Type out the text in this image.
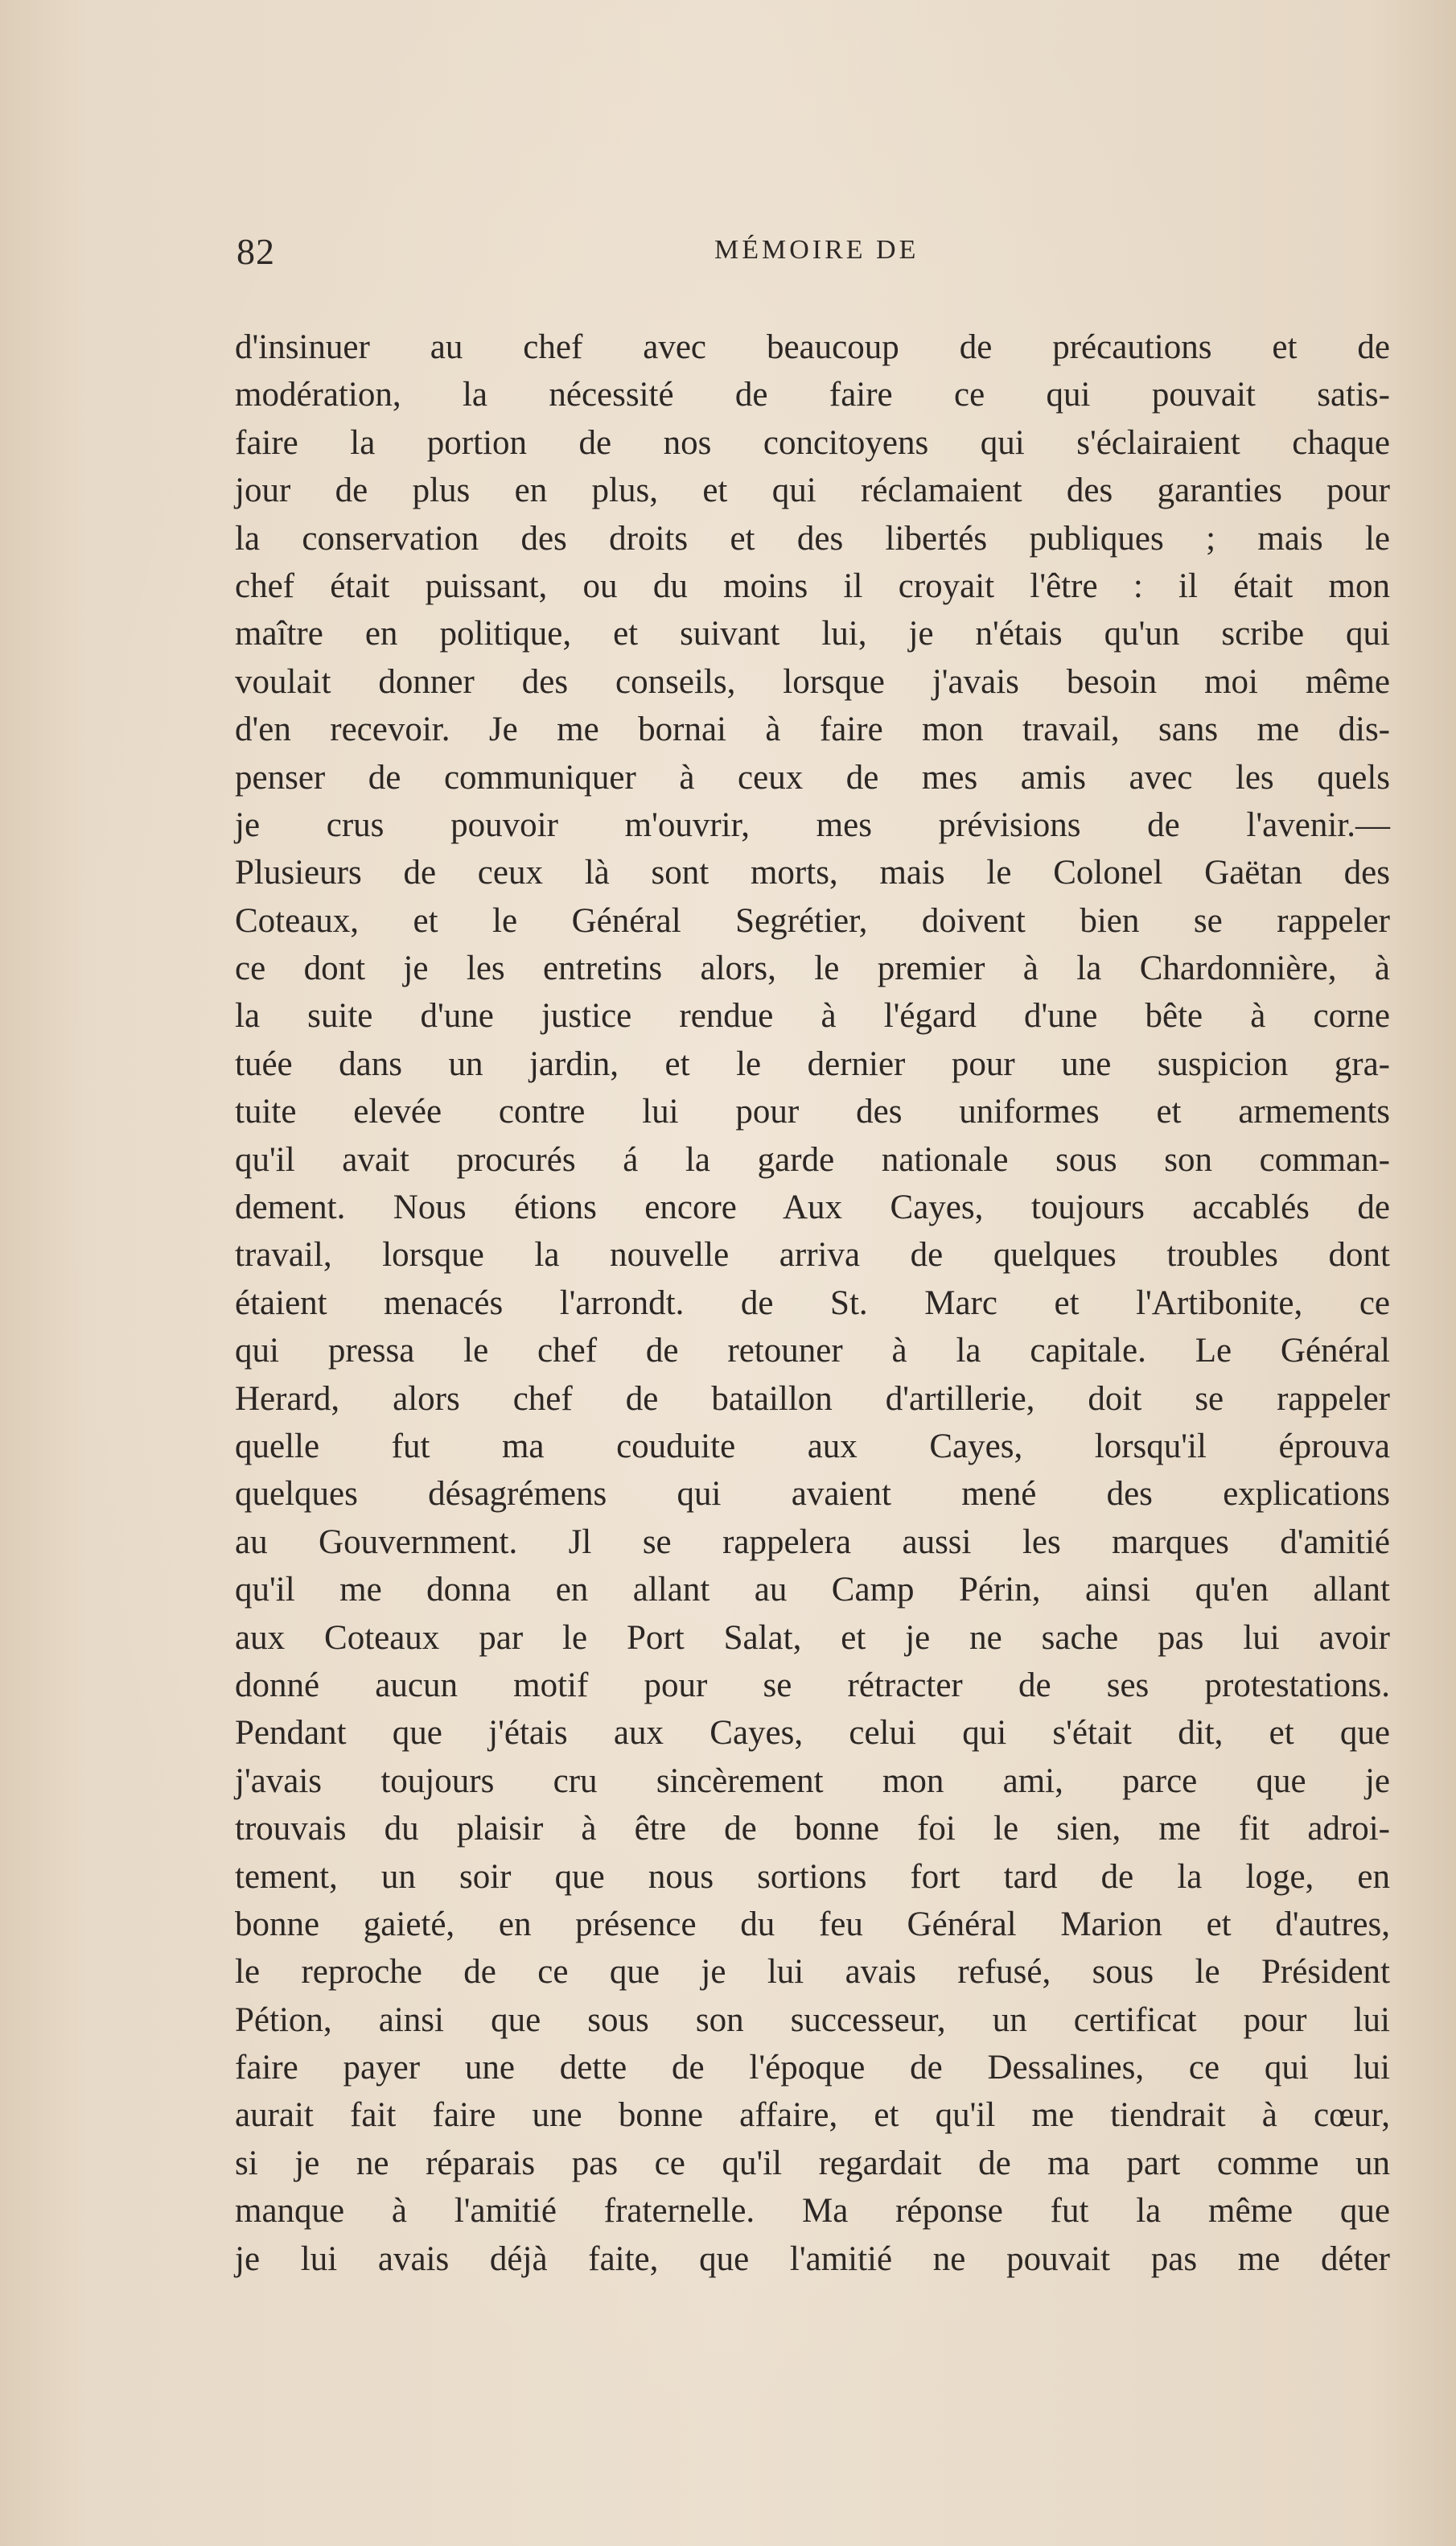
82	MÉMOIRE DE
d'insinuer au chef avec beaucoup de précautions et de
modération, la nécessité de faire ce qui pouvait satis-
faire la portion de nos concitoyens qui s'éclairaient chaque
jour de plus en plus, et qui réclamaient des garanties pour
la conservation des droits et des libertés publiques ; mais le
chef était puissant, ou du moins il croyait l'être : il était mon
maître en politique, et suivant lui, je n'étais qu'un scribe qui
voulait donner des conseils, lorsque j'avais besoin moi même
d'en recevoir. Je me bornai à faire mon travail, sans me dis-
penser de communiquer à ceux de mes amis avec les quels
je crus pouvoir m'ouvrir, mes prévisions de l'avenir.—
Plusieurs de ceux là sont morts, mais le Colonel Gaëtan des
Coteaux, et le Général Segrétier, doivent bien se rappeler
ce dont je les entretins alors, le premier à la Chardonnière, à
la suite d'une justice rendue à l'égard d'une bête à corne
tuée dans un jardin, et le dernier pour une suspicion gra-
tuite elevée contre lui pour des uniformes et armements
qu'il avait procurés á la garde nationale sous son comman-
dement. Nous étions encore Aux Cayes, toujours accablés de
travail, lorsque la nouvelle arriva de quelques troubles dont
étaient menacés l'arrondt. de St. Marc et l'Artibonite, ce
qui pressa le chef de retouner à la capitale. Le Général
Herard, alors chef de bataillon d'artillerie, doit se rappeler
quelle fut ma couduite aux Cayes, lorsqu'il éprouva
quelques désagrémens qui avaient mené des explications
au Gouvernment. Jl se rappelera aussi les marques d'amitié
qu'il me donna en allant au Camp Périn, ainsi qu'en allant
aux Coteaux par le Port Salat, et je ne sache pas lui avoir
donné aucun motif pour se rétracter de ses protestations.
Pendant que j'étais aux Cayes, celui qui s'était dit, et que
j'avais toujours cru sincèrement mon ami, parce que je
trouvais du plaisir à être de bonne foi le sien, me fit adroi-
tement, un soir que nous sortions fort tard de la loge, en
bonne gaieté, en présence du feu Général Marion et d'autres,
le reproche de ce que je lui avais refusé, sous le Président
Pétion, ainsi que sous son successeur, un certificat pour lui
faire payer une dette de l'époque de Dessalines, ce qui lui
aurait fait faire une bonne affaire, et qu'il me tiendrait à cœur,
si je ne réparais pas ce qu'il regardait de ma part comme un
manque à l'amitié fraternelle. Ma réponse fut la même que
je lui avais déjà faite, que l'amitié ne pouvait pas me déter
